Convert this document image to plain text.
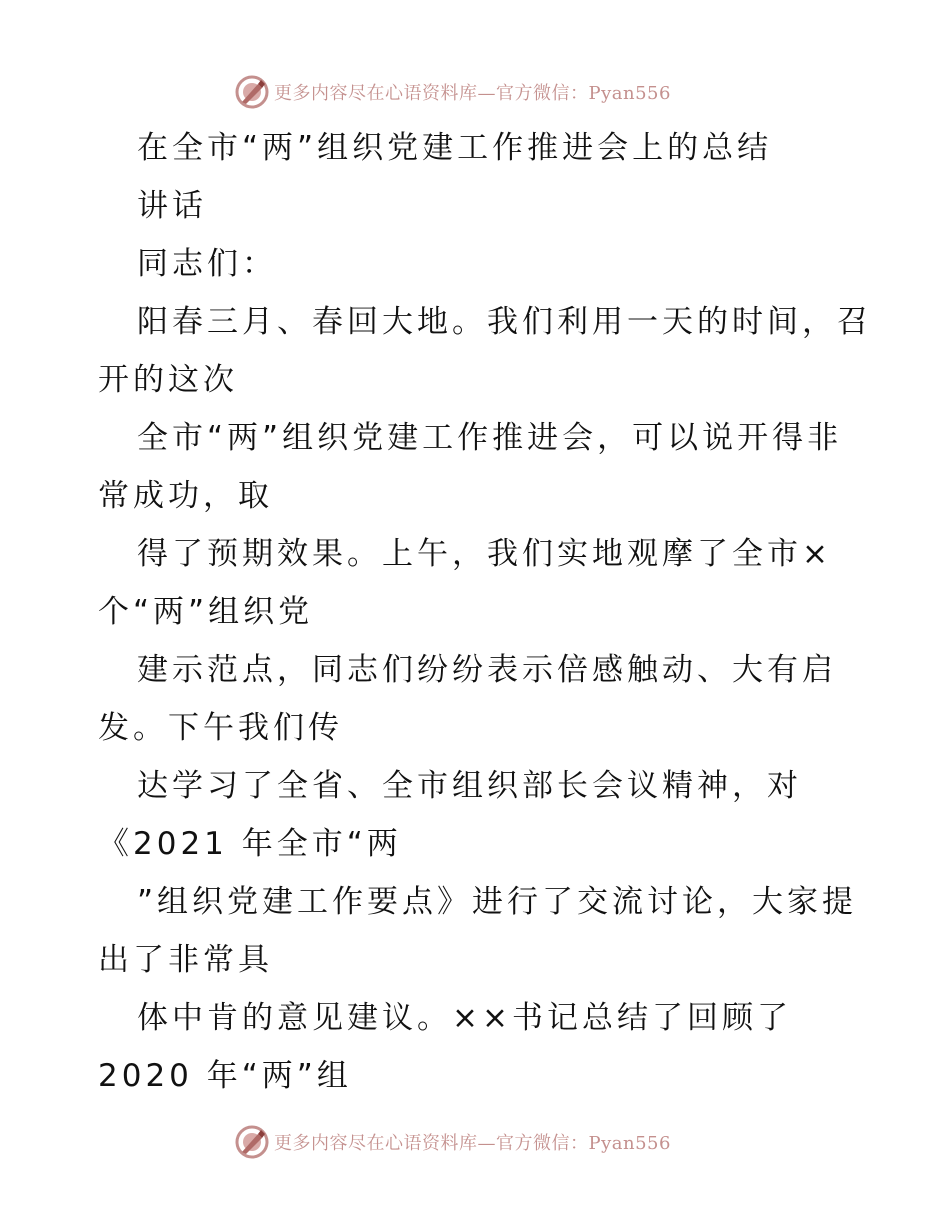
更多内容尽在心语资料库—官方微信：Pyan556
在全市“两”组织党建工作推进会上的总结
讲话
同志们：
阳春三月、春回大地。我们利用一天的时间，召
开的这次
全市“两”组织党建工作推进会，可以说开得非
常成功，取
得了预期效果。上午，我们实地观摩了全市×
个“两”组织党
建示范点，同志们纷纷表示倍感触动、大有启
发。下午我们传
达学习了全省、全市组织部长会议精神，对
《2021 年全市“两
”组织党建工作要点》进行了交流讨论，大家提
出了非常具
体中肯的意见建议。××书记总结了回顾了
2020 年“两”组
更多内容尽在心语资料库—官方微信：Pyan556
